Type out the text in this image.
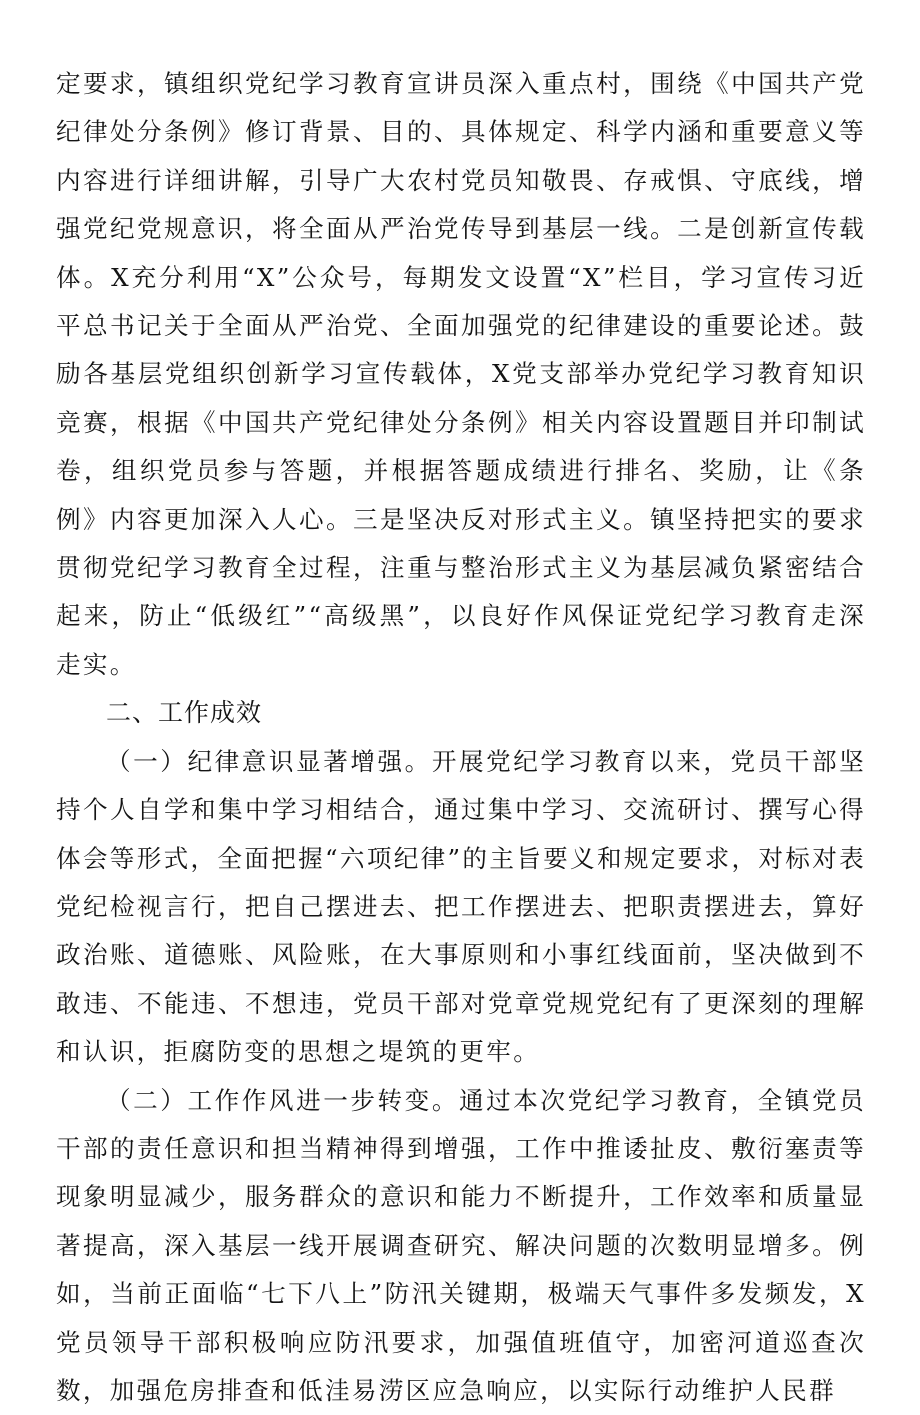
定要求，镇组织党纪学习教育宣讲员深入重点村，围绕《中国共产党纪律处分条例》修订背景、目的、具体规定、科学内涵和重要意义等内容进行详细讲解，引导广大农村党员知敬畏、存戒惧、守底线，增强党纪党规意识，将全面从严治党传导到基层一线。二是创新宣传载体。X充分利用“X”公众号，每期发文设置“X”栏目，学习宣传习近平总书记关于全面从严治党、全面加强党的纪律建设的重要论述。鼓励各基层党组织创新学习宣传载体，X党支部举办党纪学习教育知识竞赛，根据《中国共产党纪律处分条例》相关内容设置题目并印制试卷，组织党员参与答题，并根据答题成绩进行排名、奖励，让《条例》内容更加深入人心。三是坚决反对形式主义。镇坚持把实的要求贯彻党纪学习教育全过程，注重与整治形式主义为基层减负紧密结合起来，防止“低级红”“高级黑”，以良好作风保证党纪学习教育走深走实。

二、工作成效

（一）纪律意识显著增强。开展党纪学习教育以来，党员干部坚持个人自学和集中学习相结合，通过集中学习、交流研讨、撰写心得体会等形式，全面把握“六项纪律”的主旨要义和规定要求，对标对表党纪检视言行，把自己摆进去、把工作摆进去、把职责摆进去，算好政治账、道德账、风险账，在大事原则和小事红线面前，坚决做到不敢违、不能违、不想违，党员干部对党章党规党纪有了更深刻的理解和认识，拒腐防变的思想之堤筑的更牢。

（二）工作作风进一步转变。通过本次党纪学习教育，全镇党员干部的责任意识和担当精神得到增强，工作中推诿扯皮、敷衍塞责等现象明显减少，服务群众的意识和能力不断提升，工作效率和质量显著提高，深入基层一线开展调查研究、解决问题的次数明显增多。例如，当前正面临“七下八上”防汛关键期，极端天气事件多发频发，X党员领导干部积极响应防汛要求，加强值班值守，加密河道巡查次数，加强危房排查和低洼易涝区应急响应，以实际行动维护人民群
